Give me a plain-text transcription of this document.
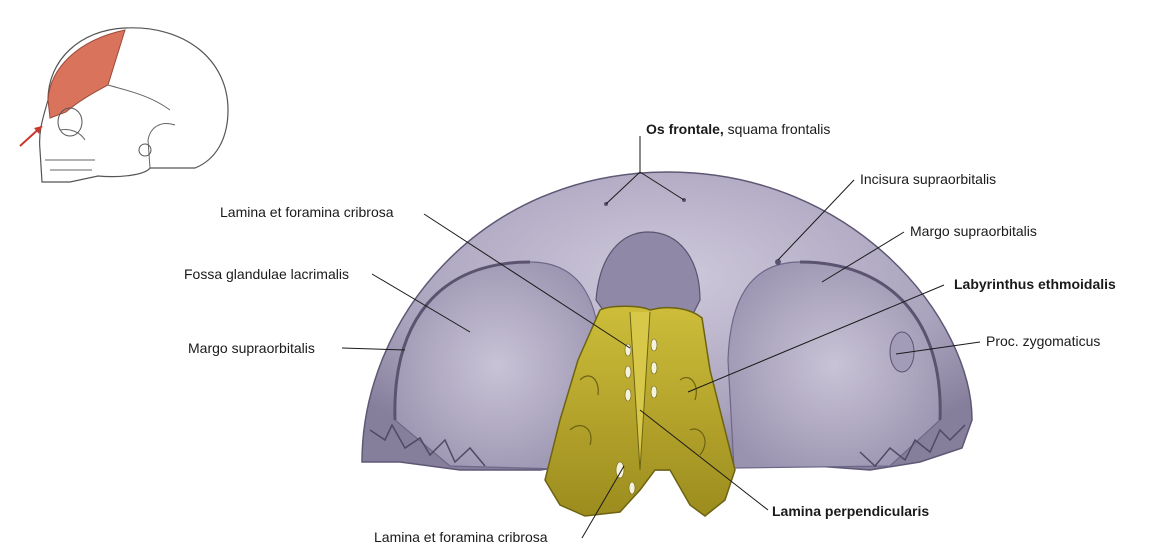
Os frontale, squama frontalis
Incisura supraorbitalis
Margo supraorbitalis
Labyrinthus ethmoidalis
Proc. zygomaticus
Lamina et foramina cribrosa
Fossa glandulae lacrimalis
Margo supraorbitalis
Lamina perpendicularis
Lamina et foramina cribrosa
